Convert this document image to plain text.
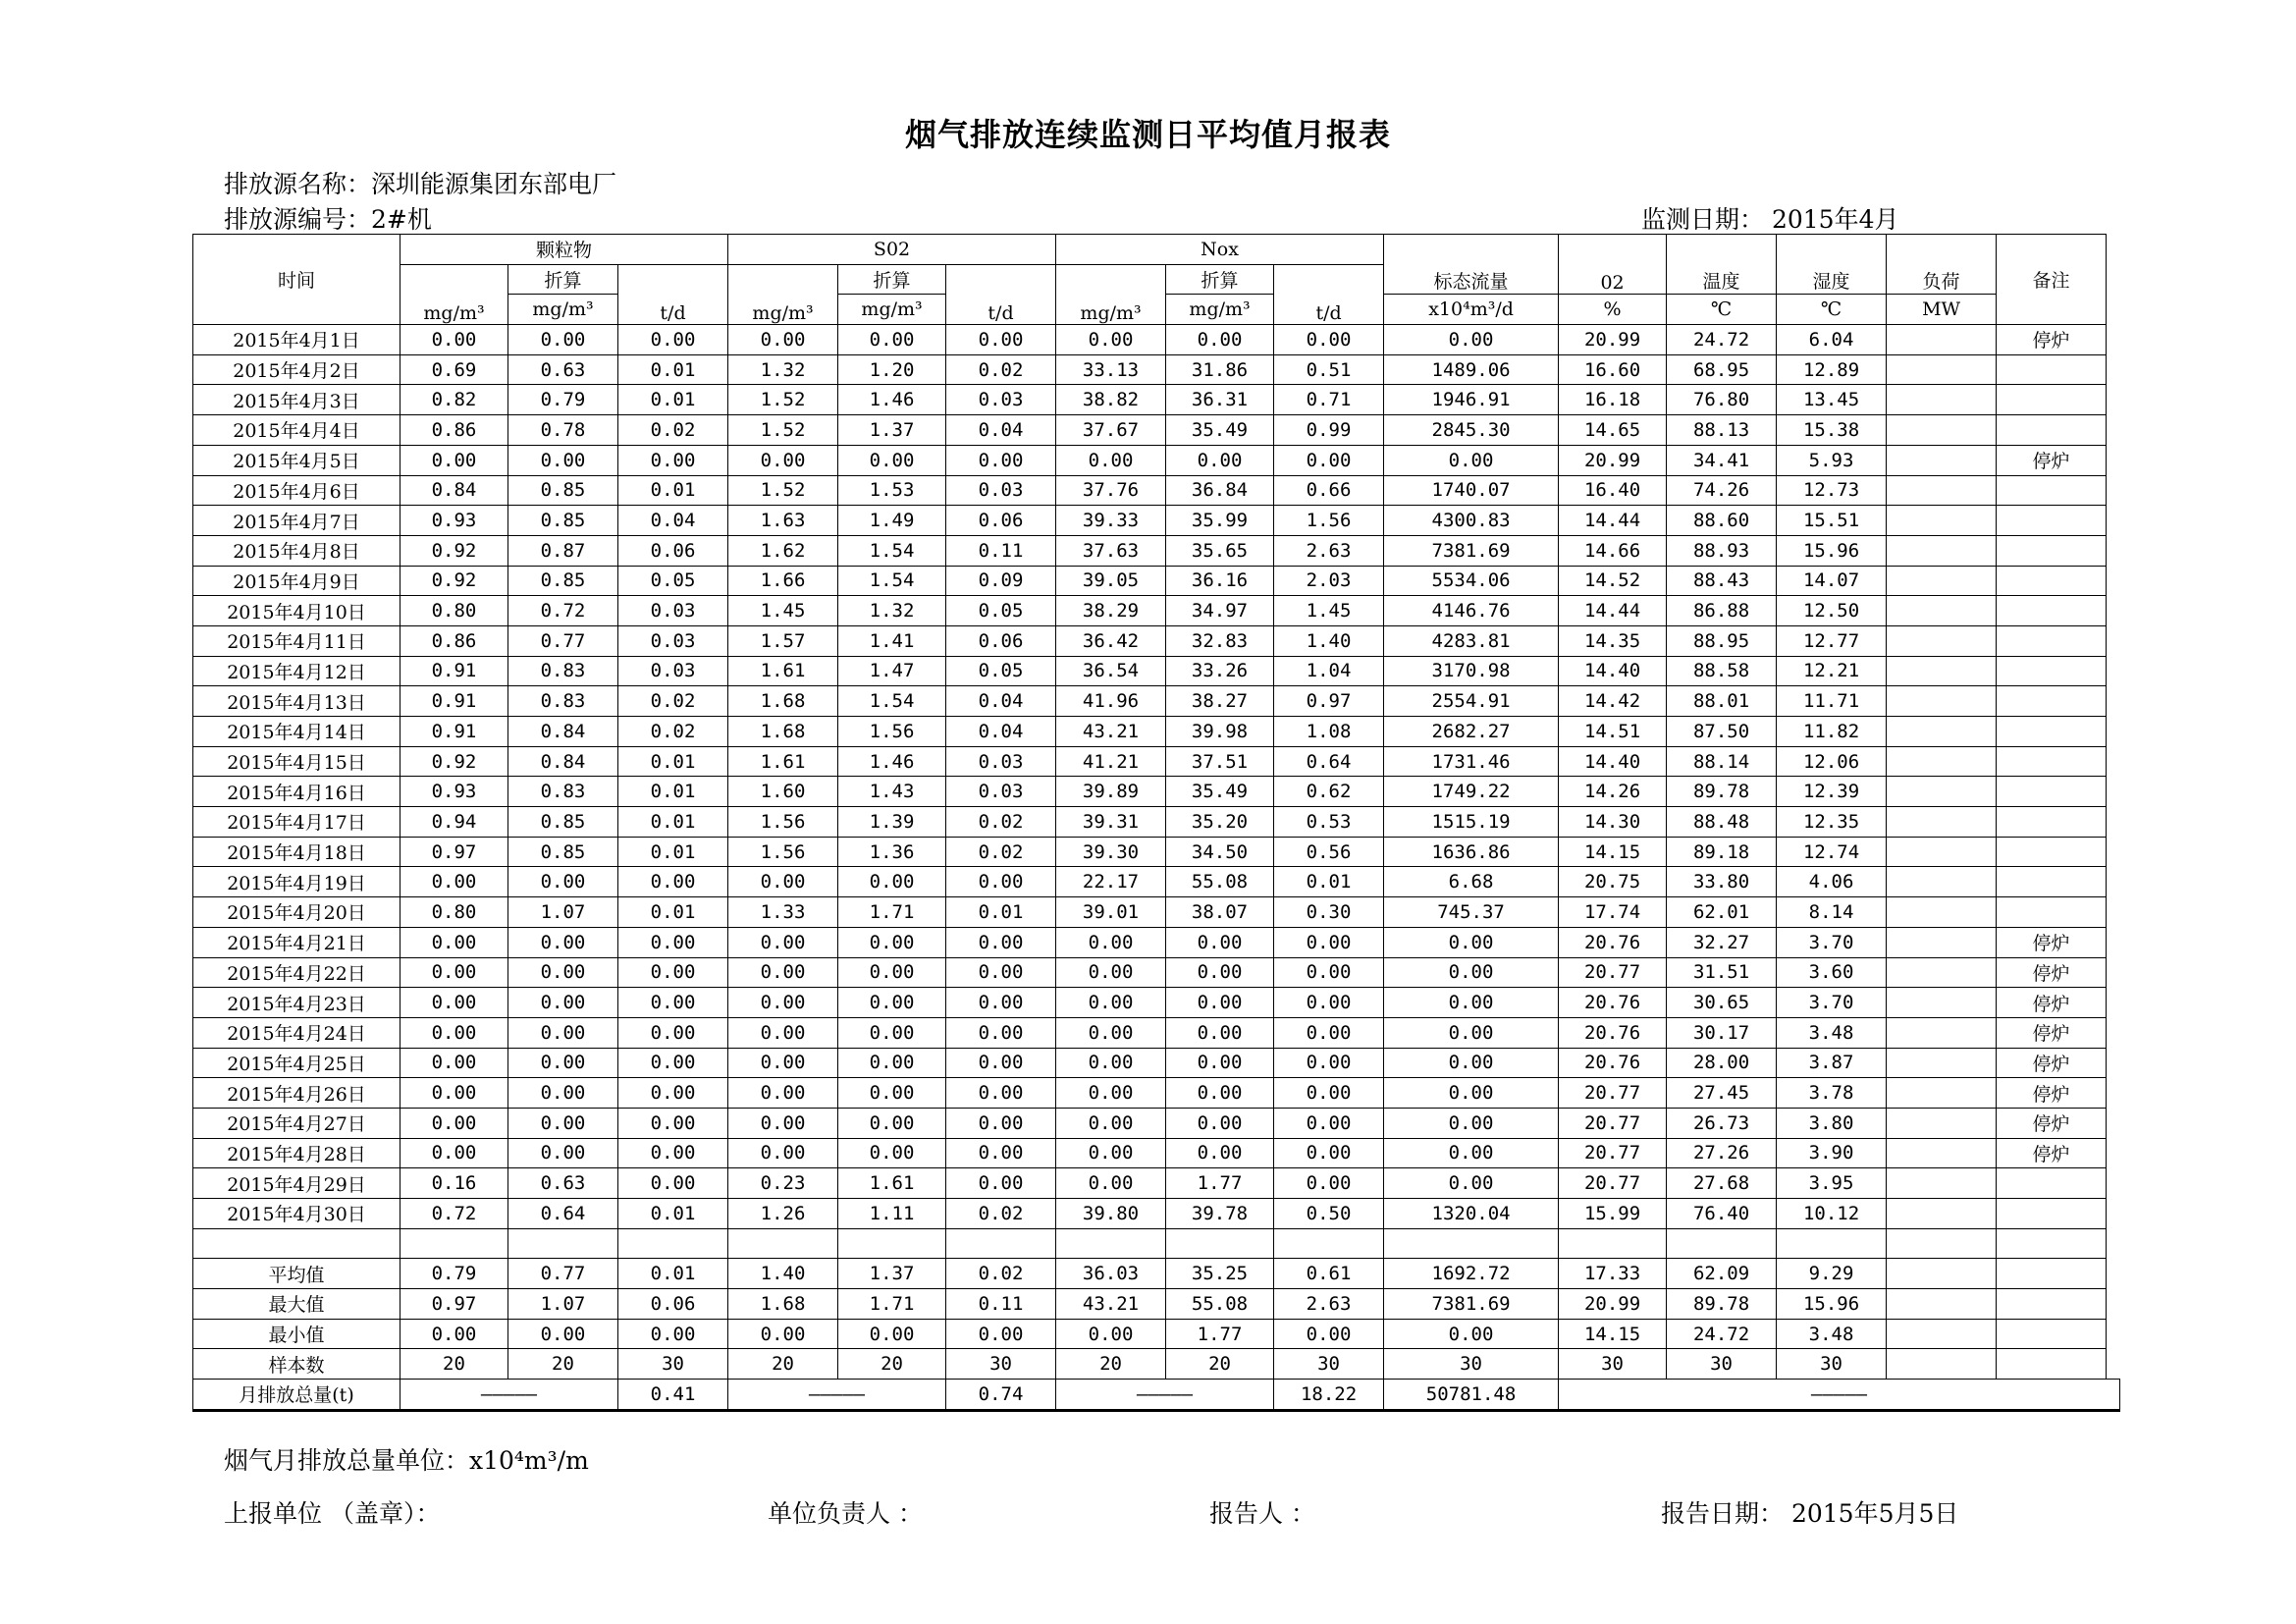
烟气排放连续监测日平均值月报表
排放源名称：深圳能源集团东部电厂
排放源编号：2#机	监测日期： 2015年4月
时间	颗粒物			S02			Nox			标态流量	02	温度	湿度	负荷	备注
	mg/m³	折算	t/d	mg/m³	折算	t/d	mg/m³	折算	t/d						
		mg/m³			mg/m³			mg/m³		x10⁴m³/d	%	℃	℃	MW	
2015年4月1日	0.00	0.00	0.00	0.00	0.00	0.00	0.00	0.00	0.00	0.00	20.99	24.72	6.04		停炉
2015年4月2日	0.69	0.63	0.01	1.32	1.20	0.02	33.13	31.86	0.51	1489.06	16.60	68.95	12.89		
2015年4月3日	0.82	0.79	0.01	1.52	1.46	0.03	38.82	36.31	0.71	1946.91	16.18	76.80	13.45		
2015年4月4日	0.86	0.78	0.02	1.52	1.37	0.04	37.67	35.49	0.99	2845.30	14.65	88.13	15.38		
2015年4月5日	0.00	0.00	0.00	0.00	0.00	0.00	0.00	0.00	0.00	0.00	20.99	34.41	5.93		停炉
2015年4月6日	0.84	0.85	0.01	1.52	1.53	0.03	37.76	36.84	0.66	1740.07	16.40	74.26	12.73		
2015年4月7日	0.93	0.85	0.04	1.63	1.49	0.06	39.33	35.99	1.56	4300.83	14.44	88.60	15.51		
2015年4月8日	0.92	0.87	0.06	1.62	1.54	0.11	37.63	35.65	2.63	7381.69	14.66	88.93	15.96		
2015年4月9日	0.92	0.85	0.05	1.66	1.54	0.09	39.05	36.16	2.03	5534.06	14.52	88.43	14.07		
2015年4月10日	0.80	0.72	0.03	1.45	1.32	0.05	38.29	34.97	1.45	4146.76	14.44	86.88	12.50		
2015年4月11日	0.86	0.77	0.03	1.57	1.41	0.06	36.42	32.83	1.40	4283.81	14.35	88.95	12.77		
2015年4月12日	0.91	0.83	0.03	1.61	1.47	0.05	36.54	33.26	1.04	3170.98	14.40	88.58	12.21		
2015年4月13日	0.91	0.83	0.02	1.68	1.54	0.04	41.96	38.27	0.97	2554.91	14.42	88.01	11.71		
2015年4月14日	0.91	0.84	0.02	1.68	1.56	0.04	43.21	39.98	1.08	2682.27	14.51	87.50	11.82		
2015年4月15日	0.92	0.84	0.01	1.61	1.46	0.03	41.21	37.51	0.64	1731.46	14.40	88.14	12.06		
2015年4月16日	0.93	0.83	0.01	1.60	1.43	0.03	39.89	35.49	0.62	1749.22	14.26	89.78	12.39		
2015年4月17日	0.94	0.85	0.01	1.56	1.39	0.02	39.31	35.20	0.53	1515.19	14.30	88.48	12.35		
2015年4月18日	0.97	0.85	0.01	1.56	1.36	0.02	39.30	34.50	0.56	1636.86	14.15	89.18	12.74		
2015年4月19日	0.00	0.00	0.00	0.00	0.00	0.00	22.17	55.08	0.01	6.68	20.75	33.80	4.06		
2015年4月20日	0.80	1.07	0.01	1.33	1.71	0.01	39.01	38.07	0.30	745.37	17.74	62.01	8.14		
2015年4月21日	0.00	0.00	0.00	0.00	0.00	0.00	0.00	0.00	0.00	0.00	20.76	32.27	3.70		停炉
2015年4月22日	0.00	0.00	0.00	0.00	0.00	0.00	0.00	0.00	0.00	0.00	20.77	31.51	3.60		停炉
2015年4月23日	0.00	0.00	0.00	0.00	0.00	0.00	0.00	0.00	0.00	0.00	20.76	30.65	3.70		停炉
2015年4月24日	0.00	0.00	0.00	0.00	0.00	0.00	0.00	0.00	0.00	0.00	20.76	30.17	3.48		停炉
2015年4月25日	0.00	0.00	0.00	0.00	0.00	0.00	0.00	0.00	0.00	0.00	20.76	28.00	3.87		停炉
2015年4月26日	0.00	0.00	0.00	0.00	0.00	0.00	0.00	0.00	0.00	0.00	20.77	27.45	3.78		停炉
2015年4月27日	0.00	0.00	0.00	0.00	0.00	0.00	0.00	0.00	0.00	0.00	20.77	26.73	3.80		停炉
2015年4月28日	0.00	0.00	0.00	0.00	0.00	0.00	0.00	0.00	0.00	0.00	20.77	27.26	3.90		停炉
2015年4月29日	0.16	0.63	0.00	0.23	1.61	0.00	0.00	1.77	0.00	0.00	20.77	27.68	3.95		
2015年4月30日	0.72	0.64	0.01	1.26	1.11	0.02	39.80	39.78	0.50	1320.04	15.99	76.40	10.12		

平均值	0.79	0.77	0.01	1.40	1.37	0.02	36.03	35.25	0.61	1692.72	17.33	62.09	9.29		
最大值	0.97	1.07	0.06	1.68	1.71	0.11	43.21	55.08	2.63	7381.69	20.99	89.78	15.96		
最小值	0.00	0.00	0.00	0.00	0.00	0.00	0.00	1.77	0.00	0.00	14.15	24.72	3.48		
样本数	20	20	30	20	20	30	20	20	30	30	30	30	30		
月排放总量(t)	—————		0.41	—————		0.74	—————		18.22	50781.48	—————				
烟气月排放总量单位：x10⁴m³/m
上报单位 （盖章）：	单位负责人 ：	报告人 ：	报告日期： 2015年5月5日
